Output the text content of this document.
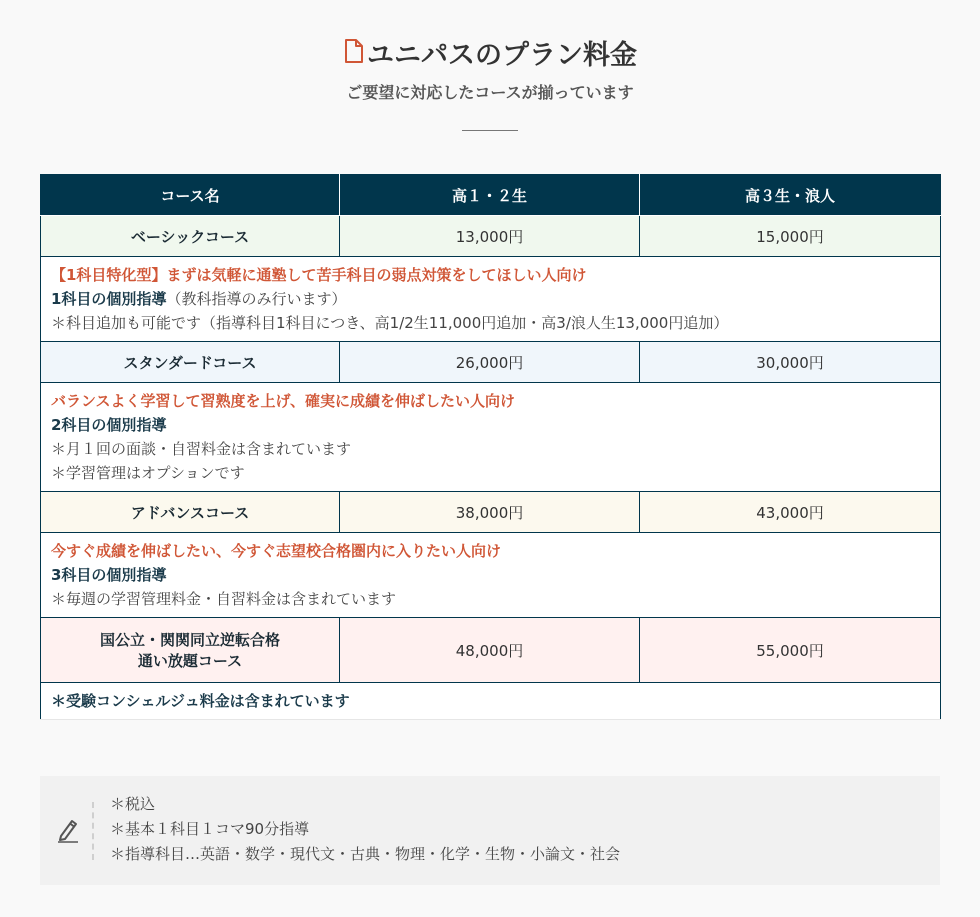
ユニパスのプラン料金
ご要望に対応したコースが揃っています
コース名	高１・２生	高３生・浪人
ベーシックコース	13,000円	15,000円

【1科目特化型】まずは気軽に通塾して苦手科目の弱点対策をしてほしい人向け
1科目の個別指導（教科指導のみ行います）
＊科目追加も可能です（指導科目1科目につき、高1/2生11,000円追加・高3/浪人生13,000円追加）		

スタンダードコース	26,000円	30,000円

バランスよく学習して習熟度を上げ、確実に成績を伸ばしたい人向け
2科目の個別指導
＊月１回の面談・自習料金は含まれています
＊学習管理はオプションです		

アドバンスコース	38,000円	43,000円

今すぐ成績を伸ばしたい、今すぐ志望校合格圏内に入りたい人向け
3科目の個別指導
＊毎週の学習管理料金・自習料金は含まれています		

国公立・関関同立逆転合格
通い放題コース	48,000円	55,000円

＊受験コンシェルジュ料金は含まれています		
＊税込
＊基本１科目１コマ90分指導
＊指導科目…英語・数学・現代文・古典・物理・化学・生物・小論文・社会
